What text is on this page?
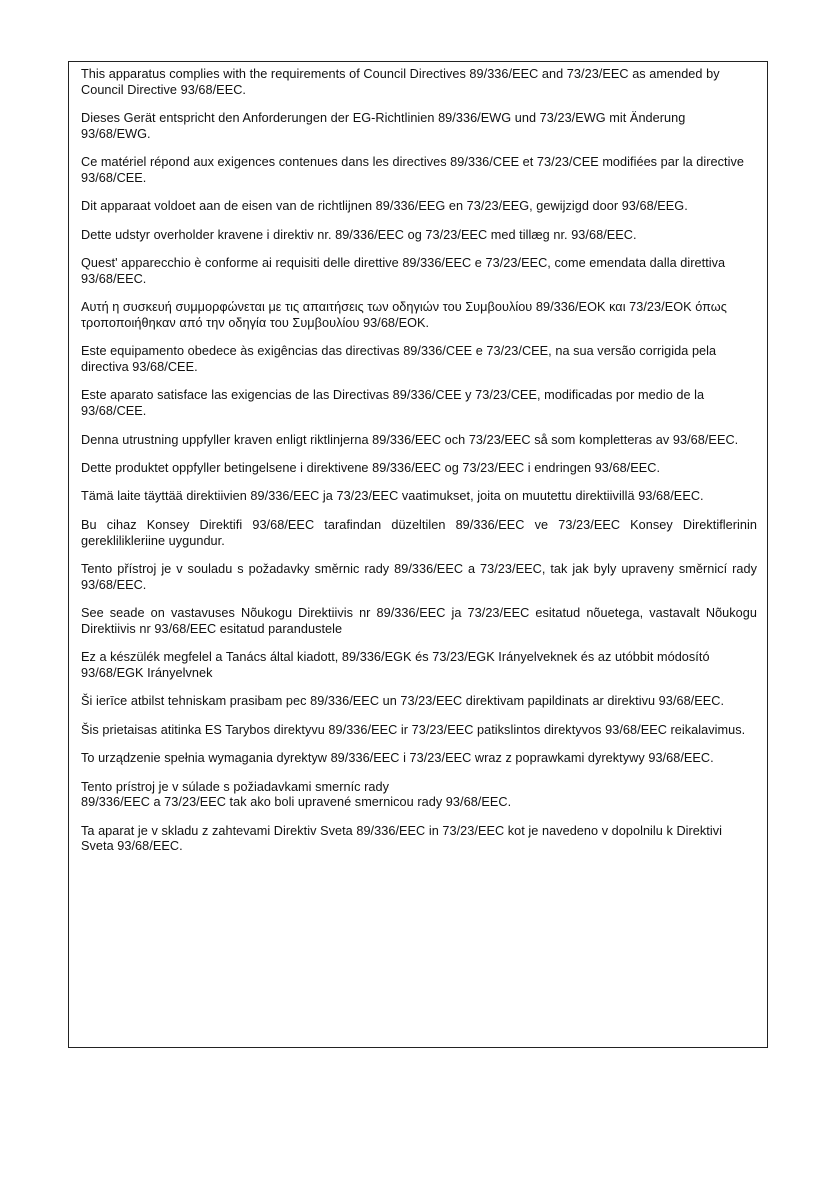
This apparatus complies with the requirements of Council Directives 89/336/EEC and 73/23/EEC as amended by Council Directive 93/68/EEC.

Dieses Gerät entspricht den Anforderungen der EG-Richtlinien 89/336/EWG und 73/23/EWG mit Änderung 93/68/EWG.

Ce matériel répond aux exigences contenues dans les directives 89/336/CEE et 73/23/CEE modifiées par la directive 93/68/CEE.

Dit apparaat voldoet aan de eisen van de richtlijnen 89/336/EEG en 73/23/EEG, gewijzigd door 93/68/EEG.

Dette udstyr overholder kravene i direktiv nr. 89/336/EEC og 73/23/EEC med tillæg nr. 93/68/EEC.

Quest' apparecchio è conforme ai requisiti delle direttive 89/336/EEC e 73/23/EEC, come emendata dalla direttiva 93/68/EEC.

Αυτή η συσκευή συμμορφώνεται με τις απαιτήσεις των οδηγιών του Συμβουλίου 89/336/ΕΟΚ και 73/23/ΕΟΚ όπως τροποποιήθηκαν από την οδηγία του Συμβουλίου 93/68/ΕΟΚ.

Este equipamento obedece às exigências das directivas 89/336/CEE e 73/23/CEE, na sua versão corrigida pela directiva 93/68/CEE.

Este aparato satisface las exigencias de las Directivas 89/336/CEE y 73/23/CEE, modificadas por medio de la 93/68/CEE.

Denna utrustning uppfyller kraven enligt riktlinjerna 89/336/EEC och 73/23/EEC så som kompletteras av 93/68/EEC.

Dette produktet oppfyller betingelsene i direktivene 89/336/EEC og 73/23/EEC i endringen 93/68/EEC.

Tämä laite täyttää direktiivien 89/336/EEC ja 73/23/EEC vaatimukset, joita on muutettu direktiivillä 93/68/EEC.

Bu cihaz Konsey Direktifi 93/68/EEC tarafindan düzeltilen 89/336/EEC ve 73/23/EEC Konsey Direktiflerinin gereklilikleriine uygundur.

Tento přístroj je v souladu s požadavky směrnic rady 89/336/EEC a 73/23/EEC, tak jak byly upraveny směrnicí rady 93/68/EEC.

See seade on vastavuses Nõukogu Direktiivis nr 89/336/EEC ja 73/23/EEC esitatud nõuetega, vastavalt Nõukogu Direktiivis nr 93/68/EEC esitatud parandustele

Ez a készülék megfelel a Tanács által kiadott, 89/336/EGK és 73/23/EGK Irányelveknek és az utóbbit módosító 93/68/EGK Irányelvnek

Ši ierīce atbilst tehniskam prasibam pec 89/336/EEC un 73/23/EEC direktivam papildinats ar direktivu 93/68/EEC.

Šis prietaisas atitinka ES Tarybos direktyvu 89/336/EEC ir 73/23/EEC patikslintos direktyvos 93/68/EEC reikalavimus.

To urządzenie spełnia wymagania dyrektyw 89/336/EEC i 73/23/EEC wraz z poprawkami dyrektywy 93/68/EEC.

Tento prístroj je v súlade s požiadavkami smerníc rady
89/336/EEC a 73/23/EEC tak ako boli upravené smernicou rady 93/68/EEC.

Ta aparat je v skladu z zahtevami Direktiv Sveta 89/336/EEC in 73/23/EEC kot je navedeno v dopolnilu k Direktivi Sveta 93/68/EEC.
